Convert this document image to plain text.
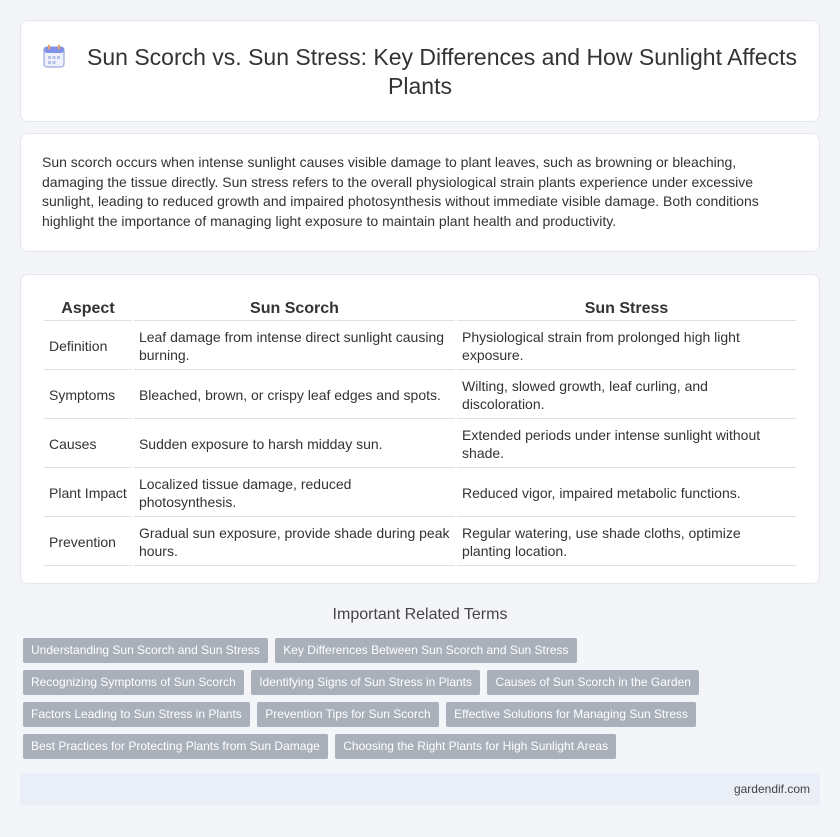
Sun Scorch vs. Sun Stress: Key Differences and How Sunlight Affects Plants

Sun scorch occurs when intense sunlight causes visible damage to plant leaves, such as browning or bleaching, damaging the tissue directly. Sun stress refers to the overall physiological strain plants experience under excessive sunlight, leading to reduced growth and impaired photosynthesis without immediate visible damage. Both conditions highlight the importance of managing light exposure to maintain plant health and productivity.

Aspect	Sun Scorch	Sun Stress
Definition	Leaf damage from intense direct sunlight causing burning.	Physiological strain from prolonged high light exposure.
Symptoms	Bleached, brown, or crispy leaf edges and spots.	Wilting, slowed growth, leaf curling, and discoloration.
Causes	Sudden exposure to harsh midday sun.	Extended periods under intense sunlight without shade.
Plant Impact	Localized tissue damage, reduced photosynthesis.	Reduced vigor, impaired metabolic functions.
Prevention	Gradual sun exposure, provide shade during peak hours.	Regular watering, use shade cloths, optimize planting location.
Important Related Terms
Understanding Sun Scorch and Sun Stress Key Differences Between Sun Scorch and Sun Stress Recognizing Symptoms of Sun Scorch Identifying Signs of Sun Stress in Plants Causes of Sun Scorch in the Garden Factors Leading to Sun Stress in Plants Prevention Tips for Sun Scorch Effective Solutions for Managing Sun Stress Best Practices for Protecting Plants from Sun Damage Choosing the Right Plants for High Sunlight Areas
gardendif.com
